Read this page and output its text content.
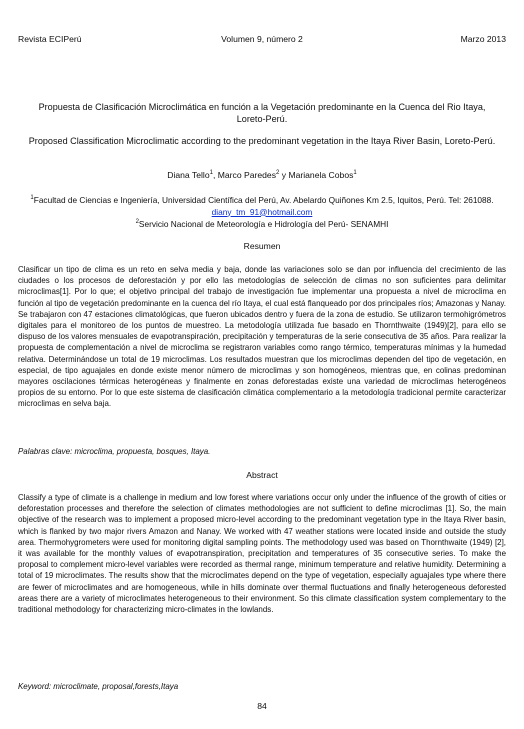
Revista ECIPerú	Volumen 9, número 2	Marzo 2013
Propuesta de Clasificación Microclimática en función a la Vegetación predominante en la Cuenca del Rio Itaya, Loreto-Perú.
Proposed Classification Microclimatic according to the predominant vegetation in the Itaya River Basin, Loreto-Perú.
Diana Tello$^1$, Marco Paredes$^2$ y Marianela Cobos$^1$
$^1$Facultad de Ciencias e Ingeniería, Universidad Científica del Perú, Av. Abelardo Quiñones Km 2.5, Iquitos, Perú. Tel: 261088. diany_tm_91@hotmail.com
$^2$Servicio Nacional de Meteorología e Hidrología del Perú- SENAMHI
Resumen
Clasificar un tipo de clima es un reto en selva media y baja, donde las variaciones solo se dan por influencia del crecimiento de las ciudades o los procesos de deforestación y por ello las metodologías de selección de climas no son suficientes para delimitar microclimas[1]. Por lo que; el objetivo principal del trabajo de investigación fue implementar una propuesta a nivel de microclima en función al tipo de vegetación predominante en la cuenca del río Itaya, el cual está flanqueado por dos principales ríos; Amazonas y Nanay. Se trabajaron con 47 estaciones climatológicas, que fueron ubicados dentro y fuera de la zona de estudio. Se utilizaron termohigrómetros digitales para el monitoreo de los puntos de muestreo. La metodología utilizada fue basado en Thornthwaite (1949)[2], para ello se dispuso de los valores mensuales de evapotranspiración, precipitación y temperaturas de la serie consecutiva de 35 años. Para realizar la propuesta de complementación a nivel de microclima se registraron variables como rango térmico, temperaturas mínimas y la humedad relativa. Determinándose un total de 19 microclimas. Los resultados muestran que los microclimas dependen del tipo de vegetación, en especial, de tipo aguajales en donde existe menor número de microclimas y son homogéneos, mientras que, en colinas predominan mayores oscilaciones térmicas heterogéneas y finalmente en zonas deforestadas existe una variedad de microclimas heterogéneos propios de su entorno. Por lo que este sistema de clasificación climática complementario a la metodología tradicional permite caracterizar microclimas en selva baja.
Palabras clave: microclima, propuesta, bosques, Itaya.
Abstract
Classify a type of climate is a challenge in medium and low forest where variations occur only under the influence of the growth of cities or deforestation processes and therefore the selection of climates methodologies are not sufficient to define microclimas [1]. So, the main objective of the research was to implement a proposed micro-level according to the predominant vegetation type in the Itaya River basin, which is flanked by two major rivers Amazon and Nanay. We worked with 47 weather stations were located inside and outside the study area. Thermohygrometers were used for monitoring digital sampling points. The methodology used was based on Thornthwaite (1949) [2], it was available for the monthly values of evapotranspiration, precipitation and temperatures of 35 consecutive series. To make the proposal to complement micro-level variables were recorded as thermal range, minimum temperature and relative humidity. Determining a total of 19 microclimates. The results show that the microclimates depend on the type of vegetation, especially aguajales type where there are fewer of microclimates and are homogeneous, while in hills dominate over thermal fluctuations and finally heterogeneous deforested areas there are a variety of microclimates heterogeneous to their environment. So this climate classification system complementary to the traditional methodology for characterizing micro-climates in the lowlands.
Keyword: microclimate, proposal,forests,Itaya
84
